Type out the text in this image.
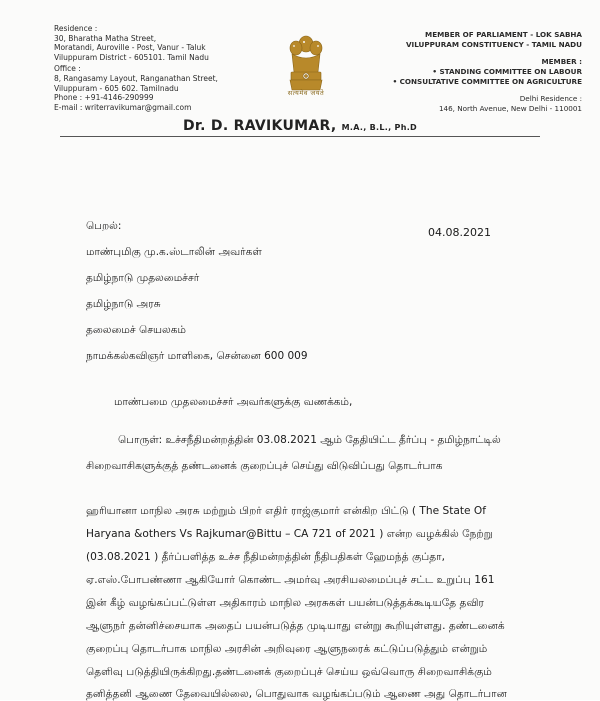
Residence :
30, Bharatha Matha Street,
Moratandi, Auroville - Post, Vanur - Taluk
Viluppuram District - 605101. Tamil Nadu
Office :
8, Rangasamy Layout, Ranganathan Street,
Viluppuram - 605 602. Tamilnadu
Phone : +91-4146-290999
E-mail : writerravikumar@gmail.com
सत्यमेव जयते
MEMBER OF PARLIAMENT - LOK SABHA
VILUPPURAM CONSTITUENCY - TAMIL NADU
MEMBER :
• STANDING COMMITTEE ON LABOUR
• CONSULTATIVE COMMITTEE ON AGRICULTURE
Delhi Residence :
146, North Avenue, New Delhi - 110001
Dr. D. RAVIKUMAR, M.A., B.L., Ph.D
பெறல்:	04.08.2021
மாண்புமிகு மு.க.ஸ்டாலின் அவர்கள்
தமிழ்நாடு முதலமைச்சர்
தமிழ்நாடு அரசு
தலைமைச் செயலகம்
நாமக்கல்கவிஞர் மாளிகை, சென்னை 600 009
மாண்பமை முதலமைச்சர் அவர்களுக்கு வணக்கம்,
பொருள்: உச்சநீதிமன்றத்தின் 03.08.2021 ஆம் தேதியிட்ட தீர்ப்பு - தமிழ்நாட்டில்
சிறைவாசிகளுக்குத் தண்டனைக் குறைப்புச் செய்து விடுவிப்பது தொடர்பாக
ஹரியானா மாநில அரசு மற்றும் பிறர் எதிர் ராஜ்குமார் என்கிற பிட்டு ( The State Of
Haryana &others Vs Rajkumar@Bittu – CA 721 of 2021 ) என்ற வழக்கில் நேற்று
(03.08.2021 ) தீர்ப்பளித்த உச்ச நீதிமன்றத்தின் நீதிபதிகள் ஹேமந்த் குப்தா,
ஏ.எஸ்.போபண்ணா ஆகியோர் கொண்ட அமர்வு அரசியலமைப்புச் சட்ட உறுப்பு 161
இன் கீழ் வழங்கப்பட்டுள்ள அதிகாரம் மாநில அரசுகள் பயன்படுத்தக்கூடியதே தவிர
ஆளுநர் தன்னிச்சையாக அதைப் பயன்படுத்த முடியாது என்று கூறியுள்ளது. தண்டனைக்
குறைப்பு தொடர்பாக மாநில அரசின் அறிவுரை ஆளுநரைக் கட்டுப்படுத்தும் என்றும்
தெளிவு படுத்தியிருக்கிறது.தண்டனைக் குறைப்புச் செய்ய ஒவ்வொரு சிறைவாசிக்கும்
தனித்தனி ஆணை தேவையில்லை, பொதுவாக வழங்கப்படும் ஆணை அது தொடர்பான
